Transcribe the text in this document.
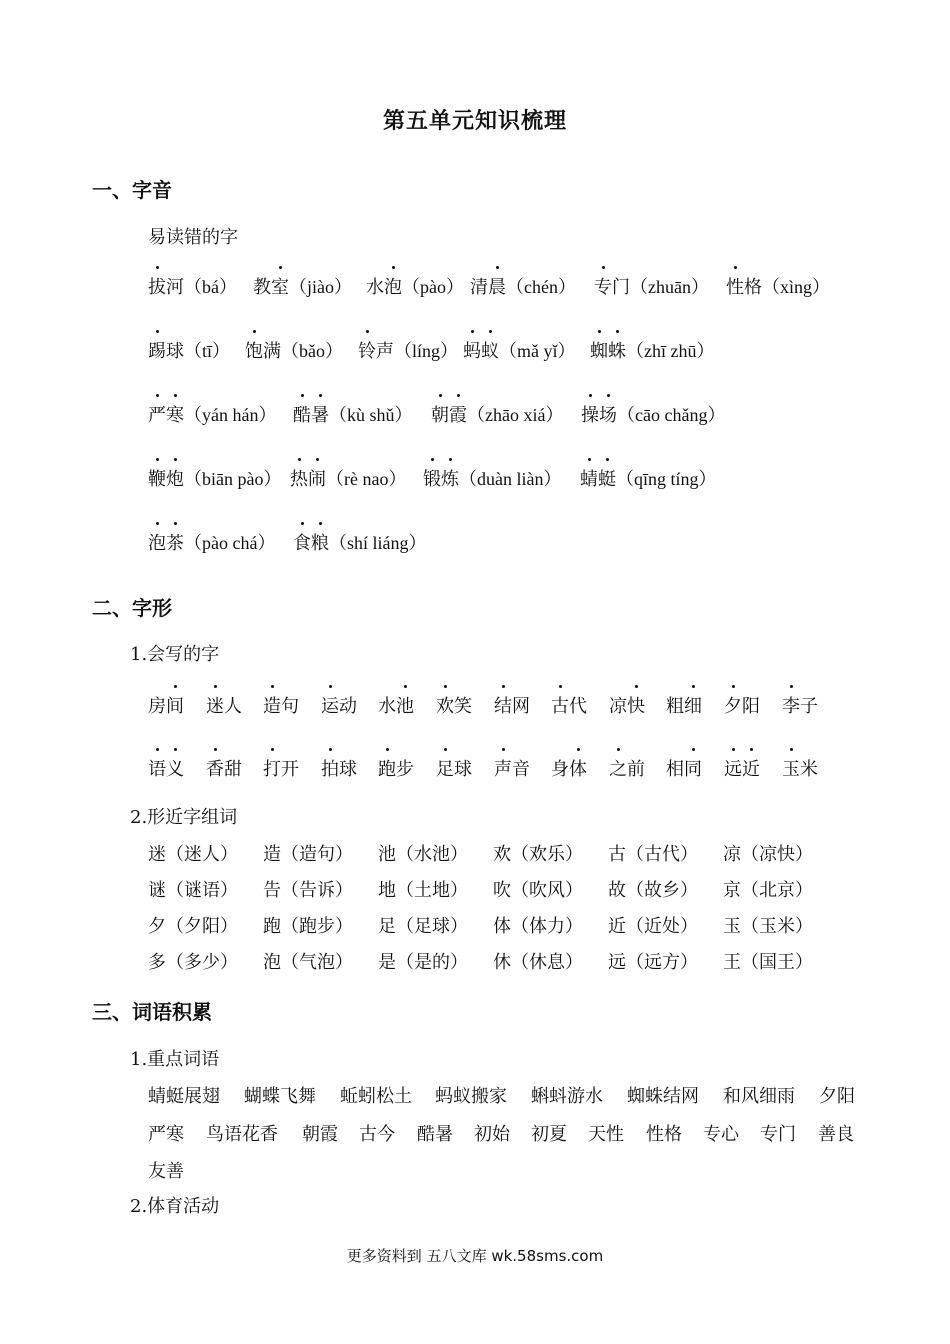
第五单元知识梳理
一、字音
易读错的字
拔河（bá） 教室（jiào） 水泡（pào） 清晨（chén） 专门（zhuān） 性格（xìng）
踢球（tī） 饱满（bǎo） 铃声（líng） 蚂蚁（mǎ yǐ） 蜘蛛（zhī zhū）
严寒（yán hán） 酷暑（kù shǔ） 朝霞（zhāo xiá） 操场（cāo chǎng）
鞭炮（biān pào） 热闹（rè nao） 锻炼（duàn liàn） 蜻蜓（qīng tíng）
泡茶（pào chá） 食粮（shí liáng）
二、字形
1.会写的字
房间 迷人 造句 运动 水池 欢笑 结网 古代 凉快 粗细 夕阳 李子
语义 香甜 打开 拍球 跑步 足球 声音 身体 之前 相同 远近 玉米
2.形近字组词
迷（迷人） 造（造句） 池（水池） 欢（欢乐） 古（古代） 凉（凉快）
谜（谜语） 告（告诉） 地（土地） 吹（吹风） 故（故乡） 京（北京）
夕（夕阳） 跑（跑步） 足（足球） 体（体力） 近（近处） 玉（玉米）
多（多少） 泡（气泡） 是（是的） 休（休息） 远（远方） 王（国王）
三、词语积累
1.重点词语
蜻蜓展翅 蝴蝶飞舞 蚯蚓松土 蚂蚁搬家 蝌蚪游水 蜘蛛结网 和风细雨 夕阳
严寒 鸟语花香 朝霞 古今 酷暑 初始 初夏 天性 性格 专心 专门 善良
友善
2.体育活动
更多资料到 五八文库 wk.58sms.com
